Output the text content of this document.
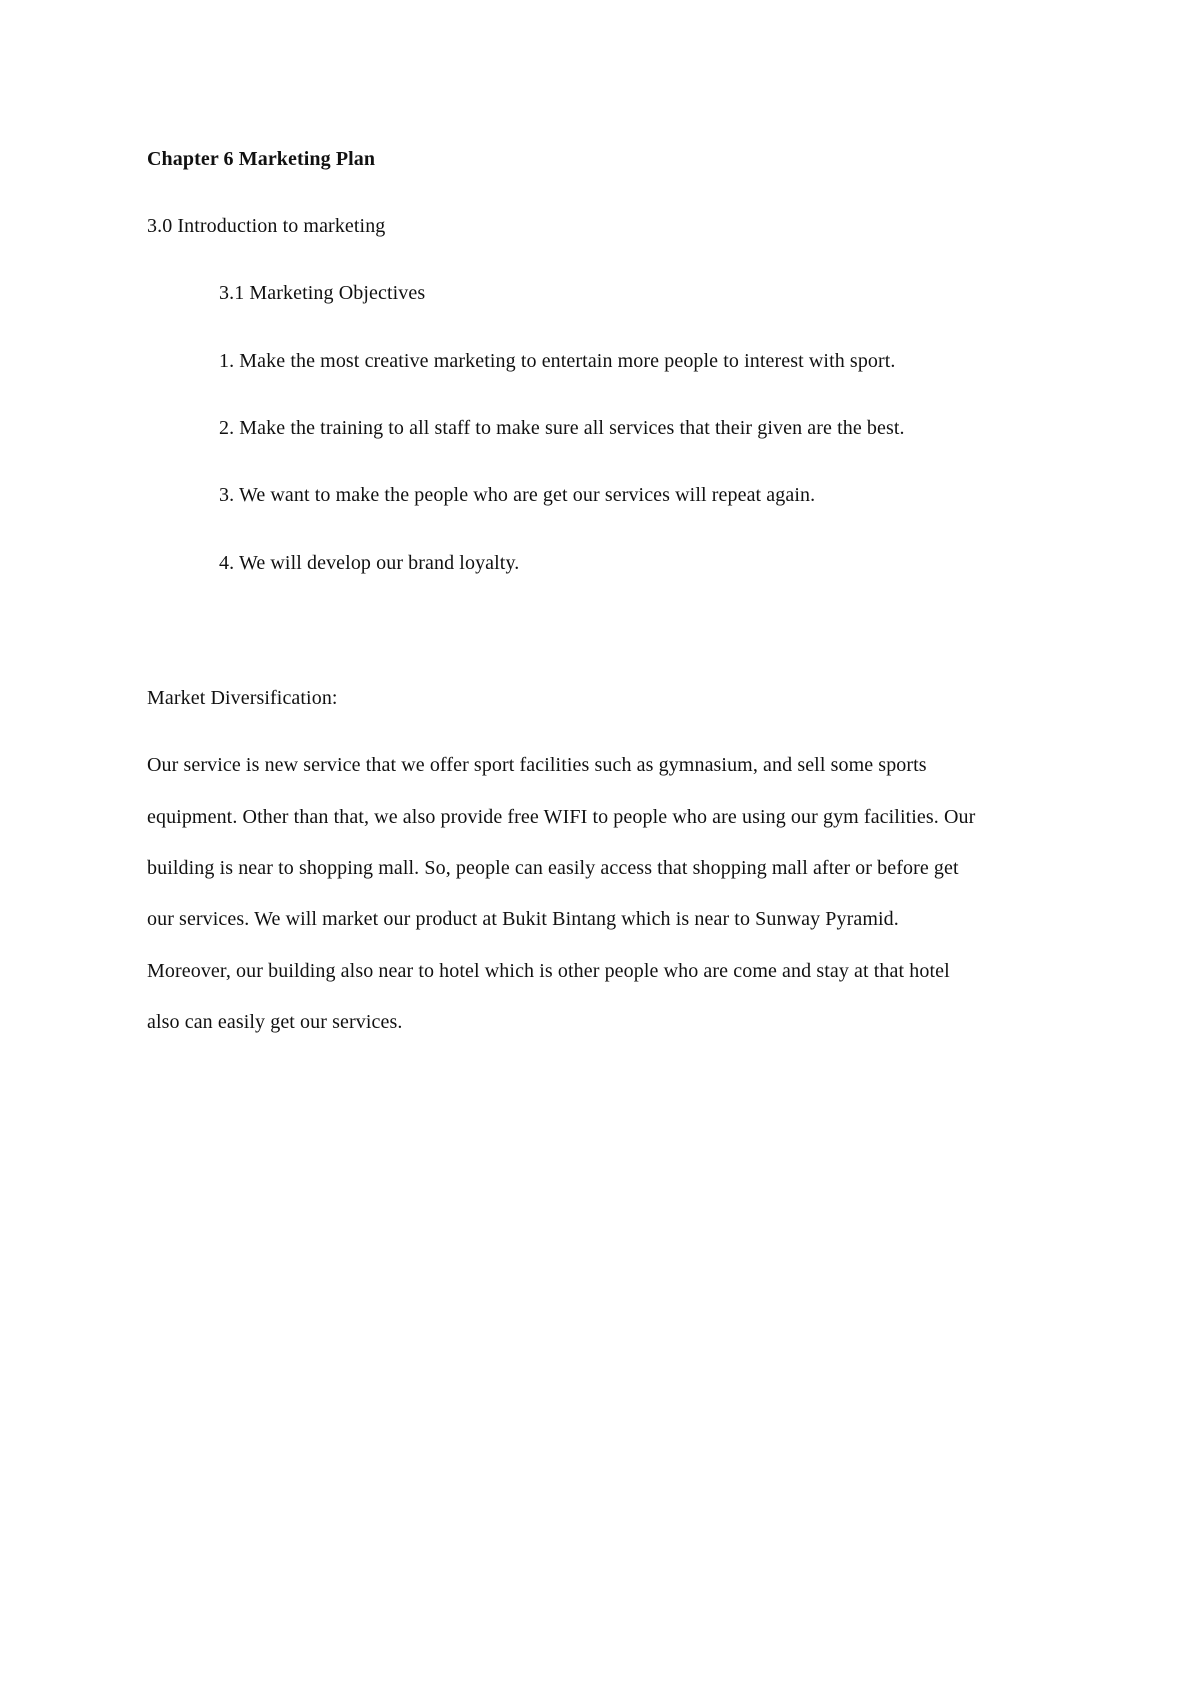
Chapter 6 Marketing Plan
3.0 Introduction to marketing
3.1 Marketing Objectives
1. Make the most creative marketing to entertain more people to interest with sport.
2. Make the training to all staff to make sure all services that their given are the best.
3. We want to make the people who are get our services will repeat again.
4. We will develop our brand loyalty.
Market Diversification:
Our service is new service that we offer sport facilities such as gymnasium, and sell some sports
equipment. Other than that, we also provide free WIFI to people who are using our gym facilities. Our
building is near to shopping mall. So, people can easily access that shopping mall after or before get
our services. We will market our product at Bukit Bintang which is near to Sunway Pyramid.
Moreover, our building also near to hotel which is other people who are come and stay at that hotel
also can easily get our services.
